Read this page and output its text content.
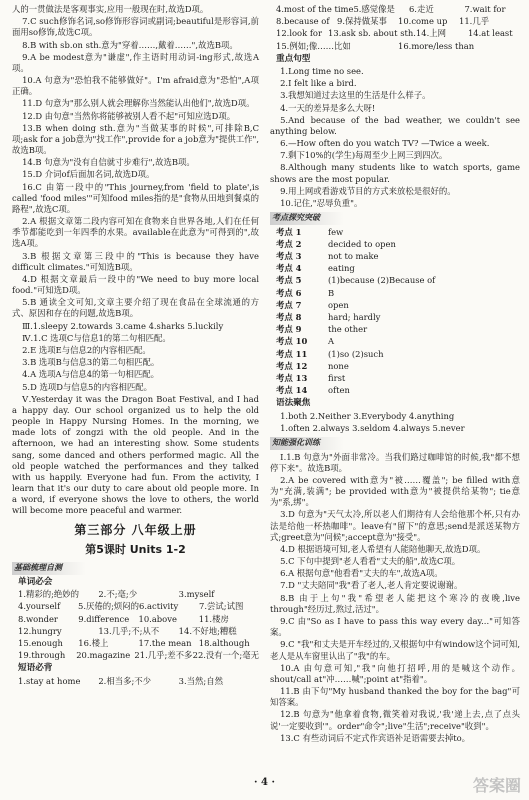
人的一贯做法是客观事实,应用一般现在时,故选D项。

7.C such修饰名词,so修饰形容词或副词;beautiful是形容词,前面用so修饰,故选C项。

8.B with sb.on sth.意为"穿着……,戴着……",故选B项。

9.A be modest意为"谦虚",作主语时用动词-ing形式,故选A项。

10.A 句意为"恐怕我不能够做好"。I'm afraid意为"恐怕",A项正确。

11.D 句意为"那么别人就会理解你当然能认出他们",故选D项。

12.D 由句意"当然你将能够被别人看不起"可知应选D项。

13.B when doing sth.意为"当做某事的时候",可排除B,C项;ask for a job意为"找工作",provide for a job意为"提供工作",故选B项。

14.B 句意为"没有自信就寸步难行",故选B项。

15.D 介词of后面加名词,故选D项。

16.C 由第一段中的"This journey,from 'field to plate',is called 'food miles'"可知food miles指的是"食物从田地到餐桌的路程",故选C项。

2.A 根据文章第二段内容可知在食物来自世界各地,人们在任何季节都能吃到一年四季的水果。available在此意为"可得到的",故选A项。

3.B 根据文章第三段中的"This is because they have difficult climates."可知选B项。

4.D 根据文章最后一段中的"We need to buy more local food."可知选D项。

5.B 通读全文可知,文章主要介绍了现在食品在全球流通的方式、原因和存在的问题,故选B项。

Ⅲ.1.sleepy 2.towards 3.came 4.sharks 5.luckily

Ⅳ.1.C 选项C与信息1的第二句相匹配。

2.E 选项E与信息2的内容相匹配。

3.B 选项B与信息3的第二句相匹配。

4.A 选项A与信息4的第一句相匹配。

5.D 选项D与信息5的内容相匹配。

Ⅴ.Yesterday it was the Dragon Boat Festival, and I had a happy day. Our school organized us to help the old people in Happy Nursing Homes. In the morning, we made lots of zongzi with the old people. And in the afternoon, we had an interesting show. Some students sang, some danced and others performed magic. All the old people watched the performances and they talked with us happily. Everyone had fun. From the activity, I learn that it's our duty to care about old people more. In a word, if everyone shows the love to others, the world will become more peaceful and warmer.

第三部分 八年级上册
第5课时 Units 1-2
基础梳理自测
单词必会
1.精彩的;绝妙的	2.不;毫;少	3.myself
4.yourself	5.厌倦的;烦闷的 6.activity	7.尝试;试图
8.wonder	9.difference	10.above	11.楼房
12.hungry	13.几乎;不;从不	14.不好地;糟糕
15.enough	16.楼上	17.the mean 18.although
19.through	20.magazine 21.几乎;差不多 22.没有一个;毫无
短语必背
1.stay at home	2.相当多;不少	3.当然;自然
4.most of the time 5.感觉像是	6.走近	7.wait for
8.because of 9.保持做某事	10.come up	11.几乎
12.look for 13.ask sb. about sth. 14.上网	14.at least
15.例如;像……比如	16.more/less than
重点句型

1.Long time no see.

2.I felt like a bird.

3.我想知道过去这里的生活是什么样子。

4.一天的差异是多么大呀!

5.And because of the bad weather, we couldn't see anything below.

6.—How often do you watch TV? —Twice a week.

7.剩下10%的(学生)每周至少上网三到四次。

8.Although many students like to watch sports, game shows are the most popular.

9.用上网或看游戏节目的方式来放松是很好的。

10.记住,"忍辱负重"。

考点探究突破
考点 1	few
考点 2	decided to open
考点 3	not to make
考点 4	eating
考点 5	(1)because (2)Because of
考点 6	B
考点 7	open
考点 8	hard; hardly
考点 9	the other
考点 10	A
考点 11	(1)so (2)such
考点 12	none
考点 13	first
考点 14	often
语法聚焦

1.both 2.Neither 3.Everybody 4.anything

1.often 2.always 3.seldom 4.always 5.never

知能强化训练

Ⅰ.1.B 句意为"外面非常冷。当我们路过咖啡馆的时候,我"都不想停下来"。故选B项。

2.A be covered with意为"被……覆盖"; be filled with意为"充满,装满"; be provided with意为"被提供给某物"; tie意为"系,绑"。

3.D 句意为"天气太冷,所以老人们期待有人会给他那个杯,只有办法是给他一杯热咖啡"。leave有"留下"的意思;send是派送某物方式;greet意为"问候";accept意为"接受"。

4.D 根据语境可知,老人希望有人能陪他聊天,故选D项。

5.C 下句中提到"老人看看"丈夫的船",故选C项。

6.A 根据句意"他看看"丈夫的车",故选A项。

7.D "丈夫陪同"我"看了老人,老人肯定要说谢谢。

8.B 由于上句"我"希望老人能把这个寒冷的夜晚,live through"经历过,熬过,活过"。

9.C 由"So as I have to pass this way every day..."可知答案。

9.C "我"和丈夫是开车经过的,又根据句中有window这个词可知,老人是从车窗里认出了"我"的车。

10.A 由句意可知,"我"向他打招呼,用的是喊这个动作。shout/call at"冲……喊";point at"指着"。

11.B 由下句"My husband thanked the boy for the bag"可知答案。

12.B 句意为"他拿着食物,微笑着对我说,'我'递上去,点了点头说'一定要收到'"。order"命令";live"生活";receive"收到"。

13.C 有些动词后不定式作宾语补足语需要去掉to。

· 4 ·	答案圈
